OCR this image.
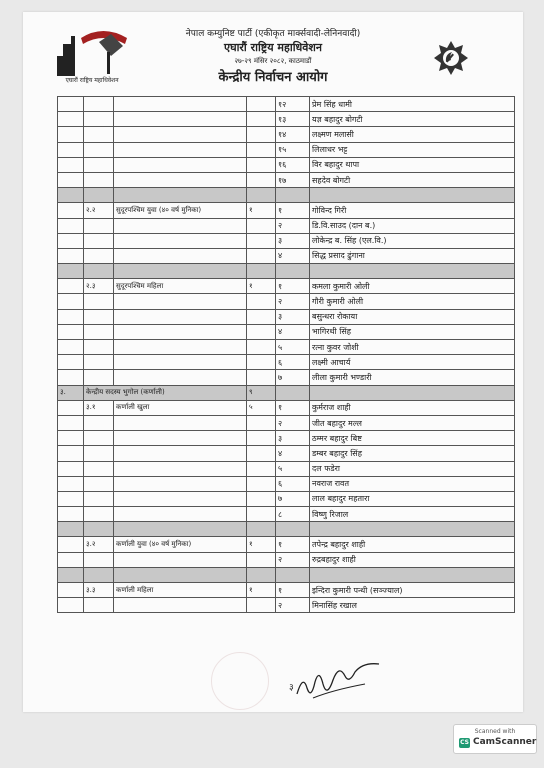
एघारौं राष्ट्रिय महाधिवेशन
नेपाल कम्युनिष्ट पार्टी (एकीकृत मार्क्सवादी-लेनिनवादी)
एघारौं राष्ट्रिय महाधिवेशन
२७-२९ मंसिर २०८२, काठमाडौं
केन्द्रीय निर्वाचन आयोग
				१२	प्रेम सिंह धामी
				१३	यज्ञ बहादुर बोगटी
				१४	लक्ष्मण मलासी
				१५	लिलाधर भट्ट
				१६	विर बहादुर थापा
				१७	सहदेव बोगटी

	२.२	सुदूरपश्चिम युवा (४० वर्ष मुनिका)	१	१	गोविन्द गिरी
				२	डि.वि.साउद (दान ब.)
				३	लोकेन्द्र ब. सिंह (एल.वि.)
				४	सिद्ध प्रसाद ढुंगाना

	२.३	सुदूरपश्चिम महिला	१	१	कमला कुमारी ओली
				२	गौरी कुमारी ओली
				३	बसुन्धरा रोकाया
				४	भागिरथी सिंह
				५	रत्ना कुवर जोशी
				६	लक्ष्मी आचार्य
				७	लीला कुमारी भण्डारी
३.	केन्द्रीय सदस्य भुगोल (कर्णाली)		९		
	३.१	कर्णाली खुला	५	१	कुर्मराज शाही
				२	जीत बहादुर मल्ल
				३	ठम्मर बहादुर बिष्ट
				४	डम्बर बहादुर सिंह
				५	दल फडेरा
				६	नवराज रावत
				७	लाल बहादुर महतारा
				८	विष्णु रिजाल

	३.२	कर्णाली युवा (४० वर्ष मुनिका)	१	१	तपेन्द्र बहादुर शाही
				२	रुद्रबहादुर शाही

	३.३	कर्णाली महिला	१	१	इन्दिरा कुमारी पन्थी (सञ्ज्याल)
				२	मिनासिंह रखाल
३
Scanned with
CS CamScanner
